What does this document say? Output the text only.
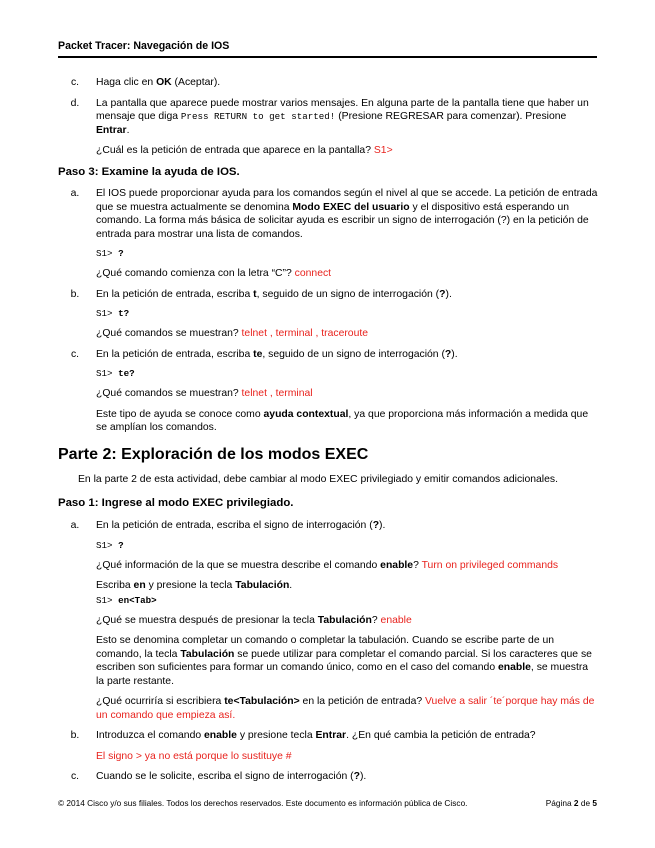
Packet Tracer: Navegación de IOS
c.	Haga clic en OK (Aceptar).
d.	La pantalla que aparece puede mostrar varios mensajes. En alguna parte de la pantalla tiene que haber un mensaje que diga Press RETURN to get started! (Presione REGRESAR para comenzar). Presione Entrar.
¿Cuál es la petición de entrada que aparece en la pantalla? S1>
Paso 3: Examine la ayuda de IOS.
a.	El IOS puede proporcionar ayuda para los comandos según el nivel al que se accede. La petición de entrada que se muestra actualmente se denomina Modo EXEC del usuario y el dispositivo está esperando un comando. La forma más básica de solicitar ayuda es escribir un signo de interrogación (?) en la petición de entrada para mostrar una lista de comandos.
S1> ?
¿Qué comando comienza con la letra “C”? connect
b.	En la petición de entrada, escriba t, seguido de un signo de interrogación (?).
S1> t?
¿Qué comandos se muestran? telnet , terminal , traceroute
c.	En la petición de entrada, escriba te, seguido de un signo de interrogación (?).
S1> te?
¿Qué comandos se muestran? telnet , terminal
Este tipo de ayuda se conoce como ayuda contextual, ya que proporciona más información a medida que se amplían los comandos.
Parte 2: Exploración de los modos EXEC
En la parte 2 de esta actividad, debe cambiar al modo EXEC privilegiado y emitir comandos adicionales.
Paso 1: Ingrese al modo EXEC privilegiado.
a.	En la petición de entrada, escriba el signo de interrogación (?).
S1> ?
¿Qué información de la que se muestra describe el comando enable? Turn on privileged commands
Escriba en y presione la tecla Tabulación.
S1> en<Tab>
¿Qué se muestra después de presionar la tecla Tabulación? enable
Esto se denomina completar un comando o completar la tabulación. Cuando se escribe parte de un comando, la tecla Tabulación se puede utilizar para completar el comando parcial. Si los caracteres que se escriben son suficientes para formar un comando único, como en el caso del comando enable, se muestra la parte restante.
¿Qué ocurriría si escribiera te<Tabulación> en la petición de entrada? Vuelve a salir ´te´porque hay más de un comando que empieza así.
b.	Introduzca el comando enable y presione tecla Entrar. ¿En qué cambia la petición de entrada?
El signo > ya no está porque lo sustituye #
c.	Cuando se le solicite, escriba el signo de interrogación (?).
© 2014 Cisco y/o sus filiales. Todos los derechos reservados. Este documento es información pública de Cisco.	Página 2 de 5
